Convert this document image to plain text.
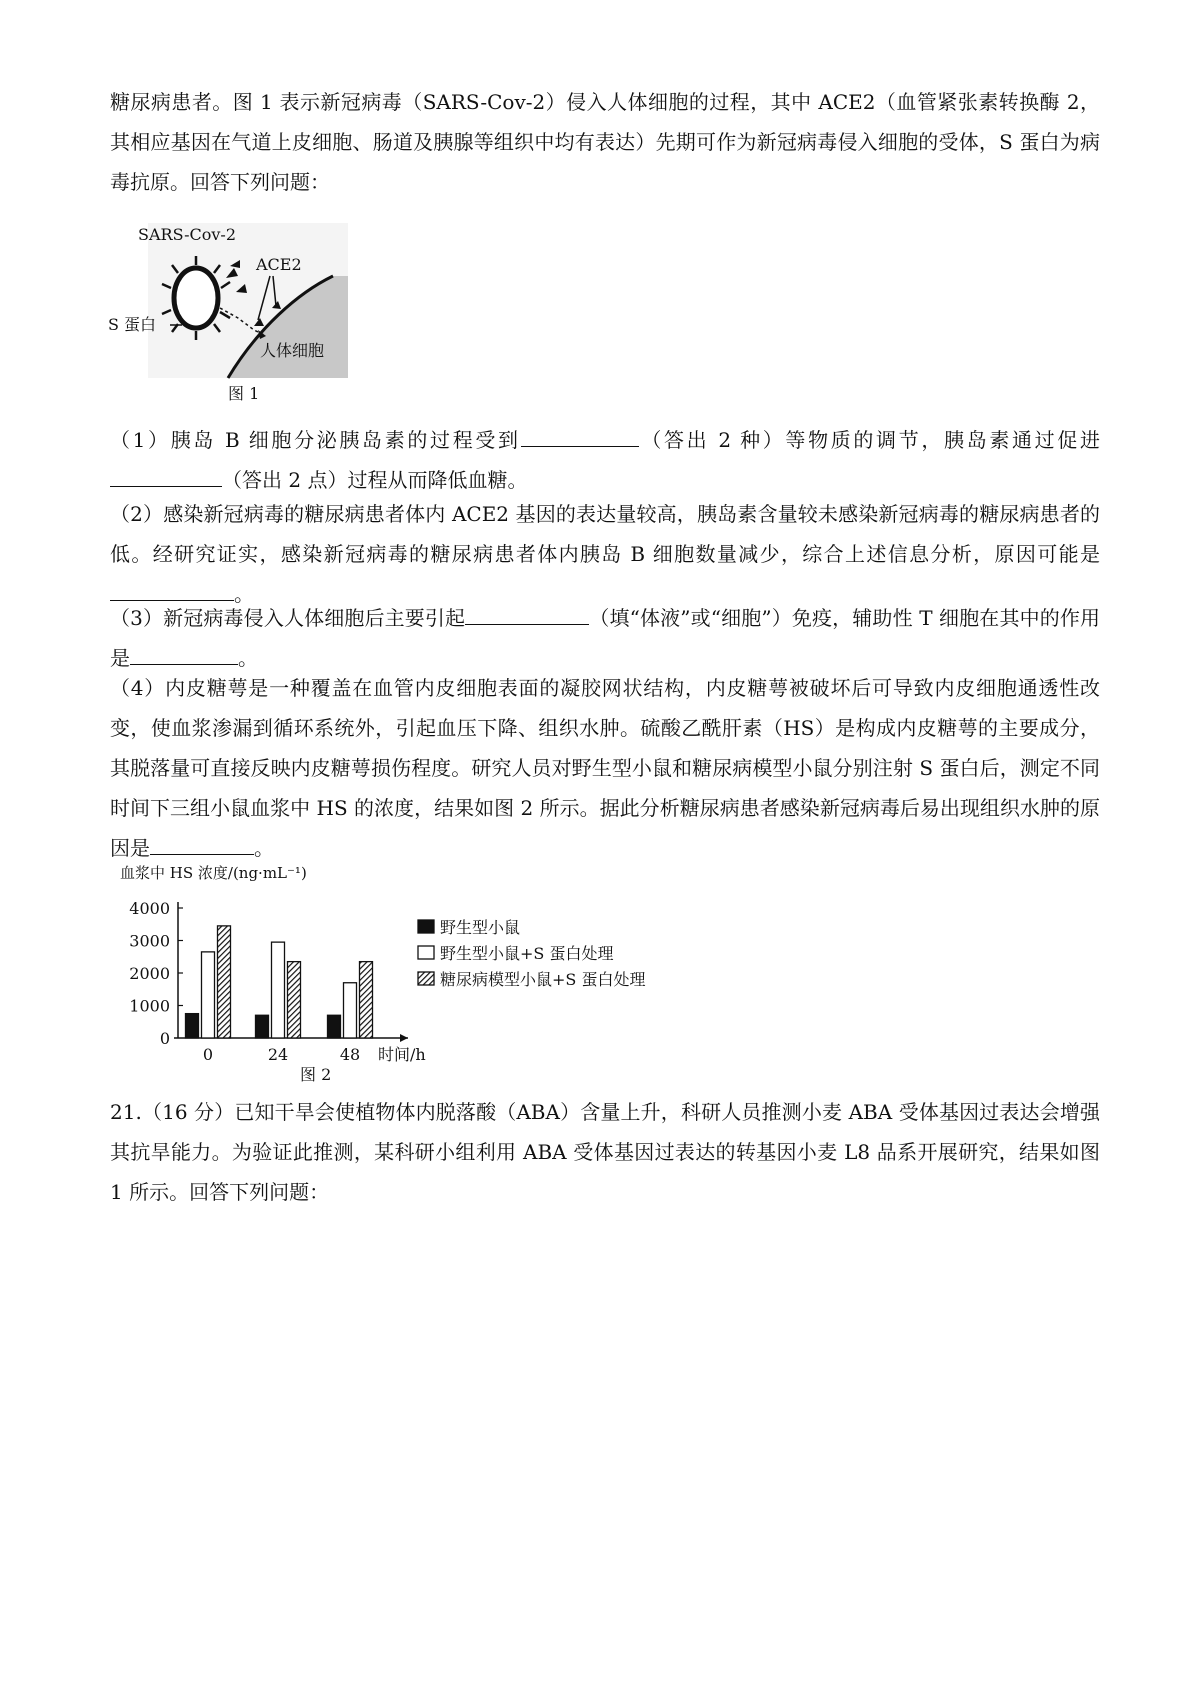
糖尿病患者。图 1 表示新冠病毒（SARS-Cov-2）侵入人体细胞的过程，其中 ACE2（血管紧张素转换酶 2，其相应基因在气道上皮细胞、肠道及胰腺等组织中均有表达）先期可作为新冠病毒侵入细胞的受体，S 蛋白为病毒抗原。回答下列问题：

SARS-Cov-2
ACE2
S 蛋白
人体细胞
图 1

（1）胰岛 B 细胞分泌胰岛素的过程受到	（答出 2 种）等物质的调节，胰岛素通过促进（答出 2 点）过程从而降低血糖。

（2）感染新冠病毒的糖尿病患者体内 ACE2 基因的表达量较高，胰岛素含量较未感染新冠病毒的糖尿病患者的低。经研究证实，感染新冠病毒的糖尿病患者体内胰岛 B 细胞数量减少，综合上述信息分析，原因可能是。

（3）新冠病毒侵入人体细胞后主要引起	（填“体液”或“细胞”）免疫，辅助性 T 细胞在其中的作用是	。

（4）内皮糖萼是一种覆盖在血管内皮细胞表面的凝胶网状结构，内皮糖萼被破坏后可导致内皮细胞通透性改变，使血浆渗漏到循环系统外，引起血压下降、组织水肿。硫酸乙酰肝素（HS）是构成内皮糖萼的主要成分，其脱落量可直接反映内皮糖萼损伤程度。研究人员对野生型小鼠和糖尿病模型小鼠分别注射 S 蛋白后，测定不同时间下三组小鼠血浆中 HS 的浓度，结果如图 2 所示。据此分析糖尿病患者感染新冠病毒后易出现组织水肿的原因是	。

血浆中 HS 浓度/(ng·mL⁻¹)
0
1000
2000
3000
4000
0	24	48 时间/h
野生型小鼠
野生型小鼠+S 蛋白处理
糖尿病模型小鼠+S 蛋白处理
图 2

21.（16 分）已知干旱会使植物体内脱落酸（ABA）含量上升，科研人员推测小麦 ABA 受体基因过表达会增强其抗旱能力。为验证此推测，某科研小组利用 ABA 受体基因过表达的转基因小麦 L8 品系开展研究，结果如图 1 所示。回答下列问题：
